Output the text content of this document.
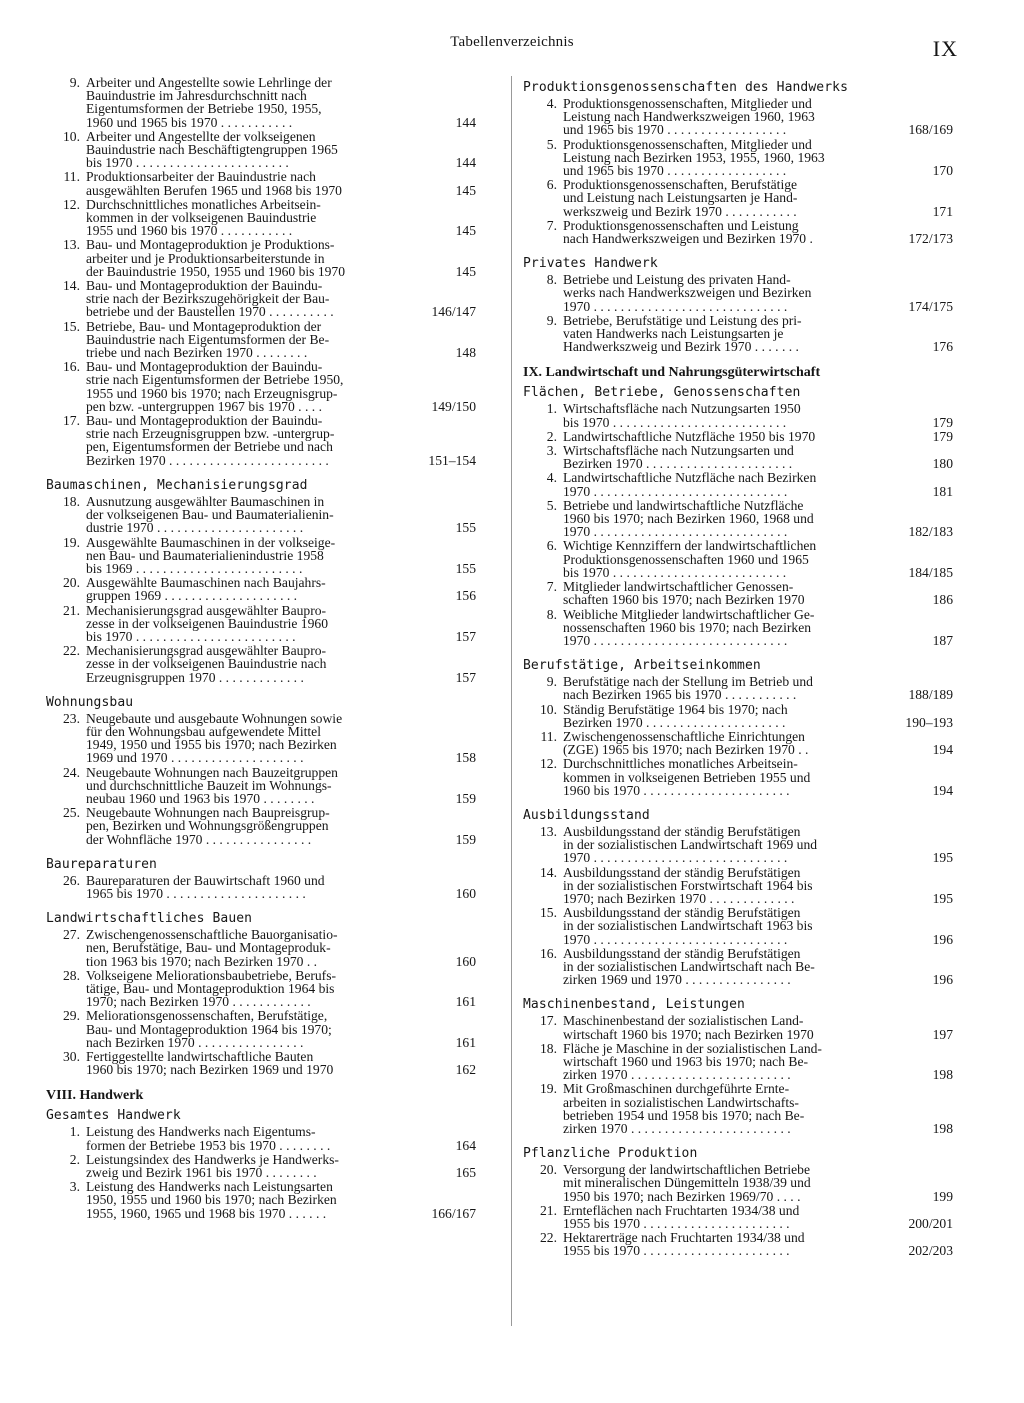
Tabellenverzeichnis	IX
9. Arbeiter und Angestellte sowie Lehrlinge der
Bauindustrie im Jahresdurchschnitt nach
Eigentumsformen der Betriebe 1950, 1955,
1960 und 1965 bis 1970 . . . . . . . . . . .	144
10. Arbeiter und Angestellte der volkseigenen
Bauindustrie nach Beschäftigtengruppen 1965
bis 1970 . . . . . . . . . . . . . . . . . . . . . . .	144
11. Produktionsarbeiter der Bauindustrie nach
ausgewählten Berufen 1965 und 1968 bis 1970	145
12. Durchschnittliches monatliches Arbeitsein-
kommen in der volkseigenen Bauindustrie
1955 und 1960 bis 1970 . . . . . . . . . . .	145
13. Bau- und Montageproduktion je Produktions-
arbeiter und je Produktionsarbeiterstunde in
der Bauindustrie 1950, 1955 und 1960 bis 1970	145
14. Bau- und Montageproduktion der Bauindu-
strie nach der Bezirkszugehörigkeit der Bau-
betriebe und der Baustellen 1970 . . . . . . . . . .	146/147
15. Betriebe, Bau- und Montageproduktion der
Bauindustrie nach Eigentumsformen der Be-
triebe und nach Bezirken 1970 . . . . . . . .	148
16. Bau- und Montageproduktion der Bauindu-
strie nach Eigentumsformen der Betriebe 1950,
1955 und 1960 bis 1970; nach Erzeugnisgrup-
pen bzw. -untergruppen 1967 bis 1970 . . . .	149/150
17. Bau- und Montageproduktion der Bauindu-
strie nach Erzeugnisgruppen bzw. -untergrup-
pen, Eigentumsformen der Betriebe und nach
Bezirken 1970 . . . . . . . . . . . . . . . . . . . . . . . .	151–154
Baumaschinen, Mechanisierungsgrad
18. Ausnutzung ausgewählter Baumaschinen in
der volkseigenen Bau- und Baumaterialienin-
dustrie 1970 . . . . . . . . . . . . . . . . . . . . . .	155
19. Ausgewählte Baumaschinen in der volkseige-
nen Bau- und Baumaterialienindustrie 1958
bis 1969 . . . . . . . . . . . . . . . . . . . . . . . . .	155
20. Ausgewählte Baumaschinen nach Baujahrs-
gruppen 1969 . . . . . . . . . . . . . . . . . . . .	156
21. Mechanisierungsgrad ausgewählter Baupro-
zesse in der volkseigenen Bauindustrie 1960
bis 1970 . . . . . . . . . . . . . . . . . . . . . . . .	157
22. Mechanisierungsgrad ausgewählter Baupro-
zesse in der volkseigenen Bauindustrie nach
Erzeugnisgruppen 1970 . . . . . . . . . . . . .	157
Wohnungsbau
23. Neugebaute und ausgebaute Wohnungen sowie
für den Wohnungsbau aufgewendete Mittel
1949, 1950 und 1955 bis 1970; nach Bezirken
1969 und 1970 . . . . . . . . . . . . . . . . . . . .	158
24. Neugebaute Wohnungen nach Bauzeitgruppen
und durchschnittliche Bauzeit im Wohnungs-
neubau 1960 und 1963 bis 1970 . . . . . . . .	159
25. Neugebaute Wohnungen nach Baupreisgrup-
pen, Bezirken und Wohnungsgrößengruppen
der Wohnfläche 1970 . . . . . . . . . . . . . . . .	159
Baureparaturen
26. Baureparaturen der Bauwirtschaft 1960 und
1965 bis 1970 . . . . . . . . . . . . . . . . . . . . .	160
Landwirtschaftliches Bauen
27. Zwischengenossenschaftliche Bauorganisatio-
nen, Berufstätige, Bau- und Montageproduk-
tion 1963 bis 1970; nach Bezirken 1970 . .	160
28. Volkseigene Meliorationsbaubetriebe, Berufs-
tätige, Bau- und Montageproduktion 1964 bis
1970; nach Bezirken 1970 . . . . . . . . . . . .	161
29. Meliorationsgenossenschaften, Berufstätige,
Bau- und Montageproduktion 1964 bis 1970;
nach Bezirken 1970 . . . . . . . . . . . . . . . .	161
30. Fertiggestellte landwirtschaftliche Bauten
1960 bis 1970; nach Bezirken 1969 und 1970	162
VIII. Handwerk
Gesamtes Handwerk
1. Leistung des Handwerks nach Eigentums-
formen der Betriebe 1953 bis 1970 . . . . . . . .	164
2. Leistungsindex des Handwerks je Handwerks-
zweig und Bezirk 1961 bis 1970 . . . . . . . .	165
3. Leistung des Handwerks nach Leistungsarten
1950, 1955 und 1960 bis 1970; nach Bezirken
1955, 1960, 1965 und 1968 bis 1970 . . . . . .	166/167
Produktionsgenossenschaften des Handwerks
4. Produktionsgenossenschaften, Mitglieder und
Leistung nach Handwerkszweigen 1960, 1963
und 1965 bis 1970 . . . . . . . . . . . . . . . . . .	168/169
5. Produktionsgenossenschaften, Mitglieder und
Leistung nach Bezirken 1953, 1955, 1960, 1963
und 1965 bis 1970 . . . . . . . . . . . . . . . . . .	170
6. Produktionsgenossenschaften, Berufstätige
und Leistung nach Leistungsarten je Hand-
werkszweig und Bezirk 1970 . . . . . . . . . . .	171
7. Produktionsgenossenschaften und Leistung
nach Handwerkszweigen und Bezirken 1970 .	172/173
Privates Handwerk
8. Betriebe und Leistung des privaten Hand-
werks nach Handwerkszweigen und Bezirken
1970 . . . . . . . . . . . . . . . . . . . . . . . . . . . . .	174/175
9. Betriebe, Berufstätige und Leistung des pri-
vaten Handwerks nach Leistungsarten je
Handwerkszweig und Bezirk 1970 . . . . . . .	176
IX. Landwirtschaft und Nahrungsgüterwirtschaft
Flächen, Betriebe, Genossenschaften
1. Wirtschaftsfläche nach Nutzungsarten 1950
bis 1970 . . . . . . . . . . . . . . . . . . . . . . . . . .	179
2. Landwirtschaftliche Nutzfläche 1950 bis 1970	179
3. Wirtschaftsfläche nach Nutzungsarten und
Bezirken 1970 . . . . . . . . . . . . . . . . . . . . . .	180
4. Landwirtschaftliche Nutzfläche nach Bezirken
1970 . . . . . . . . . . . . . . . . . . . . . . . . . . . . .	181
5. Betriebe und landwirtschaftliche Nutzfläche
1960 bis 1970; nach Bezirken 1960, 1968 und
1970 . . . . . . . . . . . . . . . . . . . . . . . . . . . . .	182/183
6. Wichtige Kennziffern der landwirtschaftlichen
Produktionsgenossenschaften 1960 und 1965
bis 1970 . . . . . . . . . . . . . . . . . . . . . . . . . .	184/185
7. Mitglieder landwirtschaftlicher Genossen-
schaften 1960 bis 1970; nach Bezirken 1970	186
8. Weibliche Mitglieder landwirtschaftlicher Ge-
nossenschaften 1960 bis 1970; nach Bezirken
1970 . . . . . . . . . . . . . . . . . . . . . . . . . . . . .	187
Berufstätige, Arbeitseinkommen
9. Berufstätige nach der Stellung im Betrieb und
nach Bezirken 1965 bis 1970 . . . . . . . . . . .	188/189
10. Ständig Berufstätige 1964 bis 1970; nach
Bezirken 1970 . . . . . . . . . . . . . . . . . . . . .	190–193
11. Zwischengenossenschaftliche Einrichtungen
(ZGE) 1965 bis 1970; nach Bezirken 1970 . .	194
12. Durchschnittliches monatliches Arbeitsein-
kommen in volkseigenen Betrieben 1955 und
1960 bis 1970 . . . . . . . . . . . . . . . . . . . . . .	194
Ausbildungsstand
13. Ausbildungsstand der ständig Berufstätigen
in der sozialistischen Landwirtschaft 1969 und
1970 . . . . . . . . . . . . . . . . . . . . . . . . . . . . .	195
14. Ausbildungsstand der ständig Berufstätigen
in der sozialistischen Forstwirtschaft 1964 bis
1970; nach Bezirken 1970 . . . . . . . . . . . . .	195
15. Ausbildungsstand der ständig Berufstätigen
in der sozialistischen Landwirtschaft 1963 bis
1970 . . . . . . . . . . . . . . . . . . . . . . . . . . . . .	196
16. Ausbildungsstand der ständig Berufstätigen
in der sozialistischen Landwirtschaft nach Be-
zirken 1969 und 1970 . . . . . . . . . . . . . . . .	196
Maschinenbestand, Leistungen
17. Maschinenbestand der sozialistischen Land-
wirtschaft 1960 bis 1970; nach Bezirken 1970	197
18. Fläche je Maschine in der sozialistischen Land-
wirtschaft 1960 und 1963 bis 1970; nach Be-
zirken 1970 . . . . . . . . . . . . . . . . . . . . . . . .	198
19. Mit Großmaschinen durchgeführte Ernte-
arbeiten in sozialistischen Landwirtschafts-
betrieben 1954 und 1958 bis 1970; nach Be-
zirken 1970 . . . . . . . . . . . . . . . . . . . . . . . .	198
Pflanzliche Produktion
20. Versorgung der landwirtschaftlichen Betriebe
mit mineralischen Düngemitteln 1938/39 und
1950 bis 1970; nach Bezirken 1969/70 . . . .	199
21. Ernteflächen nach Fruchtarten 1934/38 und
1955 bis 1970 . . . . . . . . . . . . . . . . . . . . . .	200/201
22. Hektarerträge nach Fruchtarten 1934/38 und
1955 bis 1970 . . . . . . . . . . . . . . . . . . . . . .	202/203
